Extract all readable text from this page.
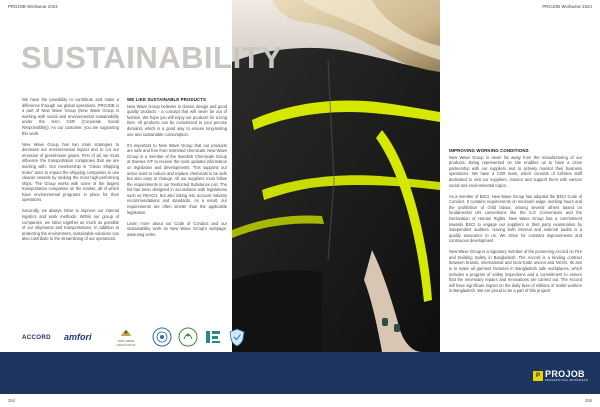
PROJOB Workwear 2024	PROJOB Workwear 2024
SUSTAINABILITY

We have the possibility to contribute and make a difference through our global operations. PROJOB is a part of New Wave Group (New Wave Group is working with social and environmental sustainability under the term CSR (Corporate Social Responsibility). As our customer, you are supporting this work.

New Wave Group has two main strategies to decrease our environmental impact and to cut our emission of greenhouse gases. First of all, we must influence the transportation companies that we are working with. Our membership in "Clean Shipping Index" aims to impact the shipping companies to use cleaner vessels by ranking the most high-performing ships. The Group works with some of the largest transportation companies on the market, all of which have environmental programs in place for their operations.

Secondly, we always strive to improve our internal logistics and work methods. Within our group of companies, we strive together as much as possible of our shipments and transportations. In addition to protecting the environment, sustainable solutions can also contribute to the streamlining of our operations.

WE LIKE SUSTAINABLE PRODUCTS

New Wave Group believes in classic design and good quality products - a concept that will never be out of fashion. We hope you will enjoy our products for a long time. All products can be customized to your precise demand, which is a good way to ensure long-lasting use and sustainable consumption.

It's important to New Wave Group that our products are safe and free from restricted chemicals. New Wave Group is a member of the Swedish Chemicals Group at Swerea IVF to receive the most updated information on legislation and developments. This supports our active work to reduce and replace chemicals to be safe but also easy to change. All our suppliers must follow the requirements in our Restricted Substance List. The list has been designed in accordance with legislations such as REACH, but also taking into account industry recommendations and standards. As a result, our requirements are often stricter than the applicable legislation.

Learn more about our Code of Conduct and our sustainability work on New Wave Group's webpage: www.nwg.se/en.

IMPROVING WORKING CONDITIONS

New Wave Group is never far away from the manufacturing of our products. Being represented on site enables us to have a close partnership with our suppliers and to actively monitor their business operations. We have a CSR team, which consists of full-time staff dedicated to visit our suppliers, monitor and support them with various social and environmental topics.

As a member of BSCI, New Wave Group has adopted the BSCI Code of Conduct. It contains requirements on minimum wage, working hours and the prohibition of child labour, among several others based on fundamental UN conventions like the ILO Conventions and the Declaration of Human Rights. New Wave Group has a commitment towards BSCI to engage our suppliers in third party examination by independent auditors. Having both internal and external audits is a quality assurance to us. We strive for constant improvements and continuous development.

New Wave Group is a signatory member of the pioneering Accord on Fire and Building Safety in Bangladesh. The Accord is a binding contract between brands, international and local trade unions and NGOs. Its aim is to make all garment factories in Bangladesh safe workplaces, which includes a program of safety inspections and a commitment to ensure that the necessary repairs and renovations are carried out. The Accord will have significant impact on the daily lives of millions of textile workers in Bangladesh. We are proud to be a part of this project!

ACCORD amfori	FAIR LABOR ASSOCIATION
P PROJOB
PROFESSIONAL WORKWEAR
254	255
